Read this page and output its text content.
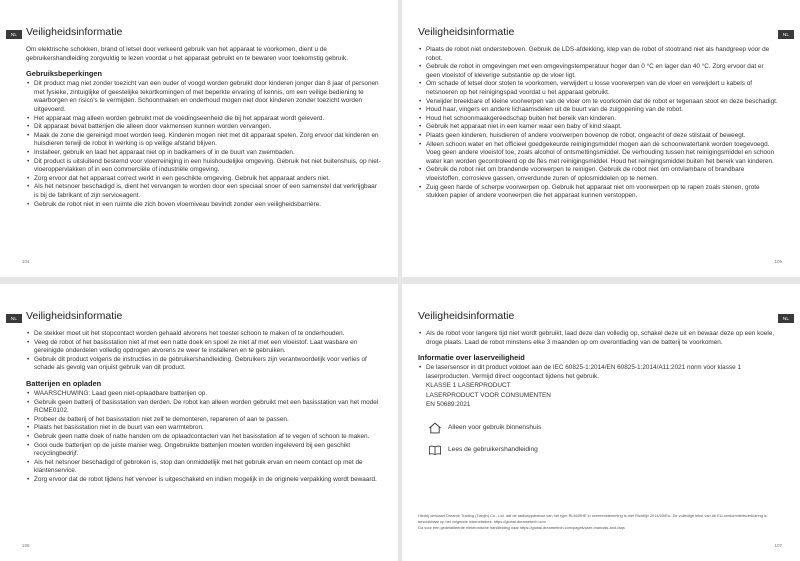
NL Veiligheidsinformatie

Om elektrische schokken, brand of letsel door verkeerd gebruik van het apparaat te voorkomen, dient u de gebruikershandleiding zorgvuldig te lezen voordat u het apparaat gebruikt en te bewaren voor toekomstig gebruik.

Gebruiksbeperkingen
• Dit product mag niet zonder toezicht van een ouder of voogd worden gebruikt door kinderen jonger dan 8 jaar of personen met fysieke, zintuiglijke of geestelijke tekortkomingen of met beperkte ervaring of kennis, om een veilige bediening te waarborgen en risico's te vermijden. Schoonmaken en onderhoud mogen niet door kinderen zonder toezicht worden uitgevoerd.
• Het apparaat mag alleen worden gebruikt met de voedingseenheid die bij het apparaat wordt geleverd.
• Dit apparaat bevat batterijen die alleen door vakmensen kunnen worden vervangen.
• Maak de zone die gereinigd moet worden leeg. Kinderen mogen niet met dit apparaat spelen. Zorg ervoor dat kinderen en huisdieren terwijl de robot in werking is op veilige afstand blijven.
• Installeer, gebruik en laad het apparaat niet op in badkamers of in de buurt van zwembaden.
• Dit product is uitsluitend bestemd voor vloerreiniging in een huishoudelijke omgeving. Gebruik het niet buitenshuis, op niet-vloeroppervlakken of in een commerciële of industriële omgeving.
• Zorg ervoor dat het apparaat correct werkt in een geschikte omgeving. Gebruik het apparaat anders niet.
• Als het netsnoer beschadigd is, dient het vervangen te worden door een speciaal snoer of een samenstel dat verkrijgbaar is bij de fabrikant of zijn serviceagent.
• Gebruik de robot niet in een ruimte die zich boven vloerniveau bevindt zonder een veiligheidsbarrière.
104
NL
Veiligheidsinformatie
• Plaats de robot niet ondersteboven. Gebruik de LDS-afdekking, klep van de robot of stootrand niet als handgreep voor de robot.
• Gebruik de robot in omgevingen met een omgevingstemperatuur hoger dan 0 °C en lager dan 40 °C. Zorg ervoor dat er geen vloeistof of kleverige substantie op de vloer ligt.
• Om schade of letsel door stoten te voorkomen, verwijdert u losse voorwerpen van de vloer en verwijdert u kabels of netsnoeren op het reinigingspad voordat u het apparaat gebruikt.
• Verwijder breekbare of kleine voorwerpen van de vloer om te voorkomen dat de robot er tegenaan stoot en deze beschadigt.
• Houd haar, vingers en andere lichaamsdelen uit de buurt van de zuigopening van de robot.
• Houd het schoonmaakgereedschap buiten het bereik van kinderen.
• Gebruik het apparaat niet in een kamer waar een baby of kind slaapt.
• Plaats geen kinderen, huisdieren of andere voorwerpen bovenop de robot, ongeacht of deze stilstaat of beweegt.
• Alleen schoon water en het officieel goedgekeurde reinigingsmiddel mogen aan de schoonwatertank worden toegevoegd. Voeg geen andere vloeistof toe, zoals alcohol of ontsmettingsmiddel. De verhouding tussen het reinigingsmiddel en schoon water kan worden gecontroleerd op de fles met reinigingsmiddel. Houd het reinigingsmiddel buiten het bereik van kinderen.
• Gebruik de robot niet om brandende voorwerpen te reinigen. Gebruik de robot niet om ontvlambare of brandbare vloeistoffen, corrosieve gassen, onverdunde zuren of oplosmiddelen op te nemen.
• Zuig geen harde of scherpe voorwerpen op. Gebruik het apparaat niet om voorwerpen op te rapen zoals stenen, grote stukken papier of andere voorwerpen die het apparaat kunnen verstoppen.
105
NL Veiligheidsinformatie
• De stekker moet uit het stopcontact worden gehaald alvorens het toestel schoon te maken of te onderhouden.
• Veeg de robot of het basisstation niet af met een natte doek en spoel ze niet af met een vloeistof. Laat wasbare en gereinigde onderdelen volledig opdrogen alvorens ze weer te installeren en te gebruiken.
• Gebruik dit product volgens de instructies in de gebruikershandleiding. Gebruikers zijn verantwoordelijk voor verlies of schade als gevolg van onjuist gebruik van dit product.
Batterijen en opladen
• WAARSCHUWING: Laad geen niet-oplaadbare batterijen op.
• Gebruik geen batterij of basisstation van derden. De robot kan alleen worden gebruikt met een basisstation van het model RCME0102.
• Probeer de batterij of het basisstation niet zelf te demonteren, repareren of aan te passen.
• Plaats het basisstation niet in de buurt van een warmtebron.
• Gebruik geen natte doek of natte handen om de oplaadcontacten van het basisstation af te vegen of schoon te maken.
• Gooi oude batterijen op de juiste manier weg. Ongebruikte batterijen moeten worden ingeleverd bij een geschikt recyclingbedrijf.
• Als het netsnoer beschadigd of gebroken is, stop dan onmiddellijk met het gebruik ervan en neem contact op met de klantenservice.
• Zorg ervoor dat de robot tijdens het vervoer is uitgeschakeld en indien mogelijk in de originele verpakking wordt bewaard.
106
NL
Veiligheidsinformatie
• Als de robot voor langere tijd niet wordt gebruikt, laad deze dan volledig op, schakel deze uit en bewaar deze op een koele, droge plaats. Laad de robot minstens elke 3 maanden op om overontlading van de batterij te voorkomen.
Informatie over laserveiligheid
• De lasersensor in dit product voldoet aan de IEC 60825-1:2014/EN 60825-1:2014/A11:2021 norm voor klasse 1 laserproducten. Vermijd direct oogcontact tijdens het gebruik.
KLASSE 1 LASERPRODUCT
LASERPRODUCT VOOR CONSUMENTEN
EN 50689:2021
Alleen voor gebruik binnenshuis
Lees de gebruikershandleiding
Hierbij verklaart Dreame Trading (Tianjin) Co., Ltd. dat de radioapparatuur van het type RLM49HE in overeenstemming is met Richtlijn 2014/53/EU. De volledige tekst van de EU-conformiteitsverklaring is beschikbaar op het volgende internetadres: https://global.dreametech.com
Ga voor een gedetailleerde elektronische handleiding naar https://global.dreametech.com/pages/user-manuals-and-faqs
107
